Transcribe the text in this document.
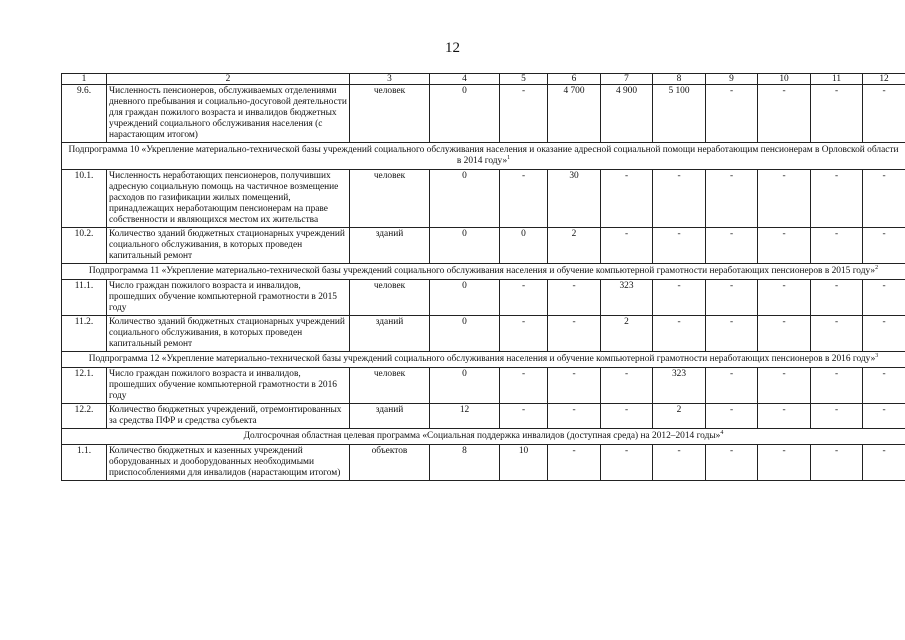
12
1	2	3	4	5	6	7	8	9	10	11	12
9.6.	Численность пенсионеров, обслуживаемых отделениями дневного пребывания и социально-досуговой деятельности для граждан пожилого возраста и инвалидов бюджетных учреждений социального обслуживания населения (с нарастающим итогом)	человек	0	-	4 700	4 900	5 100	-	-	-	-
Подпрограмма 10 «Укрепление материально-технической базы учреждений социального обслуживания населения и оказание адресной социальной помощи неработающим пенсионерам в Орловской области в 2014 году»$^1$
10.1.	Численность неработающих пенсионеров, получивших адресную социальную помощь на частичное возмещение расходов по газификации жилых помещений, принадлежащих неработающим пенсионерам на праве собственности и являющихся местом их жительства	человек	0	-	30	-	-	-	-	-	-
10.2.	Количество зданий бюджетных стационарных учреждений социального обслуживания, в которых проведен капитальный ремонт	зданий	0	0	2	-	-	-	-	-	-
Подпрограмма 11 «Укрепление материально-технической базы учреждений социального обслуживания населения и обучение компьютерной грамотности неработающих пенсионеров в 2015 году»$^2$
11.1.	Число граждан пожилого возраста и инвалидов, прошедших обучение компьютерной грамотности в 2015 году	человек	0	-	-	323	-	-	-	-	-
11.2.	Количество зданий бюджетных стационарных учреждений социального обслуживания, в которых проведен капитальный ремонт	зданий	0	-	-	2	-	-	-	-	-
Подпрограмма 12 «Укрепление материально-технической базы учреждений социального обслуживания населения и обучение компьютерной грамотности неработающих пенсионеров в 2016 году»$^3$
12.1.	Число граждан пожилого возраста и инвалидов, прошедших обучение компьютерной грамотности в 2016 году	человек	0	-	-	-	323	-	-	-	-
12.2.	Количество бюджетных учреждений, отремонтированных за средства ПФР и средства субъекта	зданий	12	-	-	-	2	-	-	-	-
Долгосрочная областная целевая программа «Социальная поддержка инвалидов (доступная среда) на 2012–2014 годы»$^4$
1.1.	Количество бюджетных и казенных учреждений оборудованных и дооборудованных необходимыми приспособлениями для инвалидов (нарастающим итогом)	объектов	8	10	-	-	-	-	-	-	-
